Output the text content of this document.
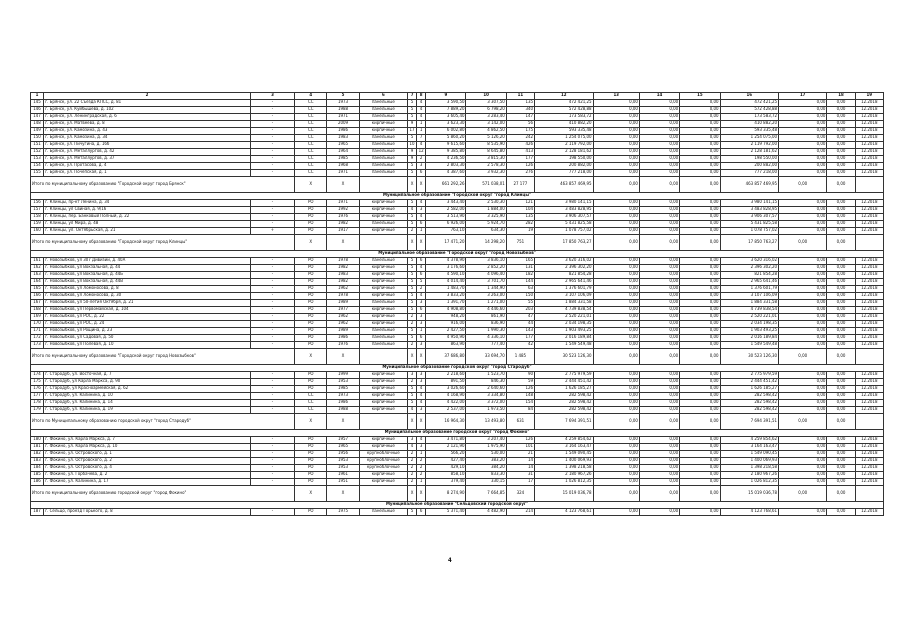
1	2	3	4	5	6	7	8	9	10	11	12	13	14	15	16	17	18	19
145	г. Брянск, ул. 22 Съезда КПСС, д. 81	-	СС	1973	панельные	5	4	3 590,50	3 307,50	135	472 421,25	0,00	0,00	0,00	472 421,25	0,00	0,00	12.2018
146	г. Брянск, ул. Куйбышева, д. 102	-	СС	1988	панельные	5	4	7 889,20	6 798,20	340	572 428,88	0,00	0,00	0,00	572 428,88	0,00	0,00	12.2018
147	г. Брянск, ул. Ленинградская, д. 6	-	СС	1971	панельные	5	4	3 605,40	3 283,40	147	173 583,72	0,00	0,00	0,00	173 583,72	0,00	0,00	12.2018
148	г. Брянск, ул. Матвеева, д. 8	-	СС	2009	кирпичные	9	1	3 623,30	3 142,00	56	410 882,20	0,00	0,00	0,00	410 882,20	0,00	0,00	12.2018
149	г. Брянск, ул. Камозина, д. 43	-	СС	1986	кирпичные	17	1	6 002,80	4 862,50	175	593 335,48	0,00	0,00	0,00	593 335,48	0,00	0,00	12.2018
150	г. Брянск, ул. Камозина, д. 34	-	СС	1983	панельные	5	7	5 860,20	5 126,20	242	1 254 075,00	0,00	0,00	0,00	1 254 075,00	0,00	0,00	12.2018
151	г. Брянск, ул. Пичугина, д. 16б	-	СС	1965	панельные	10	4	9 615,60	8 535,90	426	2 119 792,00	0,00	0,00	0,00	2 119 792,00	0,00	0,00	12.2018
152	г. Брянск, ул. Металлургов, д. 42	-	СС	1964	панельные	9	12	9 385,80	8 645,80	413	2 128 181,62	0,00	0,00	0,00	2 128 181,62	0,00	0,00	12.2018
153	г. Брянск, ул. Металлургов, д. 37	-	СС	1985	панельные	9	2	4 236,50	3 815,30	177	198 550,00	0,00	0,00	0,00	198 550,00	0,00	0,00	12.2018
154	г. Брянск, ул. Протасова, д. 4	-	СС	1968	панельные	5	3	2 803,30	2 578,30	126	200 882,00	0,00	0,00	0,00	200 882,00	0,00	0,00	12.2018
155	г. Брянск, ул. Почепская, д. 1	-	СС	1971	панельные	5	6	4 387,60	3 932,30	276	777 218,00	0,00	0,00	0,00	777 218,00	0,00	0,00	12.2018
Итого по муниципальному образованию "Городской округ город Брянск"			X	X		X	X	661 292,26	571 038,01	27 177	463 857 469,95	0,00	0,00	0,00	463 857 469,95	0,00	0,00	
Муниципальное образование "Городской округ "город Клинцы"																		
156	г. Клинцы, пр-кт Ленина, д. 34	-	РО	1971	кирпичные	5	4	3 443,40	2 530,30	121	3 980 141,15	0,00	0,00	0,00	3 980 141,15	0,00	0,00	12.2018
157	г. Клинцы, ул Свиная, д. 9/16	-	РО	1992	кирпичные	4	3	2 582,00	1 884,00	104	3 483 828,95	0,00	0,00	0,00	3 483 828,95	0,00	0,00	12.2018
158	г. Клинцы, пер. Банковый Полный, д. 22	-	РО	1976	кирпичные	5	4	3 513,90	3 325,90	135	3 906 307,57	0,00	0,00	0,00	3 906 307,57	0,00	0,00	12.2018
159	г. Клинцы, ул Мира, д. 48	-	РО	1982	панельные	5	6	6 926,00	5 924,70	282	5 431 825,58	0,00	0,00	0,00	5 431 825,58	0,00	0,00	12.2018
160	г. Клинцы, ул. Октябрьская, д. 21	+	РО	1917	кирпичные	2	1	763,10	634,30	19	1 078 757,02	0,00	0,00	0,00	1 078 757,02	0,00	0,00	12.2018
Итого по муниципальному образованию "Городской округ город Клинцы"			X	X		X	X	17 471,20	14 298,20	751	17 850 763,27	0,00	0,00	0,00	17 850 763,27	0,00	0,00	
Муниципальное образование "Городской округ "город Новозыбков"																		
161	г. Новозыбков, ул 307 Дивизии, д. 40А	-	РО	1978	панельные	5	6	4 378,90	3 836,10	165	3 620 316,02	0,00	0,00	0,00	3 620 316,02	0,00	0,00	12.2018
162	г. Новозыбков, ул Вокзальная, д. 44	-	РО	1982	кирпичные	5	4	3 176,60	2 852,20	131	2 396 302,20	0,00	0,00	0,00	2 396 302,20	0,00	0,00	12.2018
163	г. Новозыбков, ул Вокзальная, д. 44Б	-	РО	1983	кирпичные	5	6	4 590,10	4 096,40	182	821 854,28	0,00	0,00	0,00	821 854,28	0,00	0,00	12.2018
164	г. Новозыбков, ул Вокзальная, д. 44В	-	РО	1982	кирпичные	5	5	4 014,40	3 701,70	144	2 965 641,46	0,00	0,00	0,00	2 965 641,46	0,00	0,00	12.2018
165	г. Новозыбков, ул Ломоносова, д. 8	-	РО	1962	кирпичные	5	2	1 483,70	1 344,90	63	1 376 601,79	0,00	0,00	0,00	1 376 601,79	0,00	0,00	12.2018
166	г. Новозыбков, ул Ломоносова, д. 30	-	РО	1978	кирпичные	5	4	3 833,20	3 263,00	150	3 107 106,09	0,00	0,00	0,00	3 107 106,09	0,00	0,00	12.2018
167	г. Новозыбков, ул 50-летия Октября, д. 21	-	РО	1989	панельные	5	3	1 391,70	1 271,00	55	1 884 331,58	0,00	0,00	0,00	1 884 331,58	0,00	0,00	12.2018
168	г. Новозыбков, ул Первомайская, д. 104	-	РО	1977	кирпичные	5	6	4 908,80	4 446,60	203	4 739 838,54	0,00	0,00	0,00	4 739 838,54	0,00	0,00	12.2018
169	г. Новозыбков, ул РОС, д. 22	-	РО	1962	кирпичные	2	3	948,20	861,90	47	2 520 221,01	0,00	0,00	0,00	2 520 221,01	0,00	0,00	12.2018
170	г. Новозыбков, ул РОС, д. 24	-	РО	1962	кирпичные	2	3	916,00	836,90	44	2 034 198,35	0,00	0,00	0,00	2 034 198,35	0,00	0,00	12.2018
171	г. Новозыбков, ул Рощина, д. 23	-	РО	1989	панельные	5	1	2 427,50	1 990,30	143	1 903 493,25	0,00	0,00	0,00	1 903 493,25	0,00	0,00	12.2018
172	г. Новозыбков, ул Садовая, д. 50	-	РО	1986	панельные	5	6	4 950,90	4 336,10	177	2 016 189,84	0,00	0,00	0,00	2 016 189,84	0,00	0,00	12.2018
173	г. Новозыбков, ул Полевая, д. 10	-	РО	1976	панельные	2	3	863,90	777,40	42	1 549 549,48	0,00	0,00	0,00	1 549 549,48	0,00	0,00	12.2018
Итого по муниципальному образованию "Городской округ город Новозыбков"			X	X		X	X	37 686,80	33 694,70	1 485	30 523 126,30	0,00	0,00	0,00	30 523 126,30	0,00	0,00	
Муниципальное образование городской округ "город Стародуб"																		
174	г. Стародуб, ул. Восточная, д. 7	-	РО	1999	кирпичные	3	3	2 218,60	1 523,70	90	2 775 979,59	0,00	0,00	0,00	2 775 979,59	0,00	0,00	12.2018
175	г. Стародуб, ул Карла Маркса, д. 90	-	РО	1953	кирпичные	2	3	891,50	846,30	59	2 444 451,42	0,00	0,00	0,00	2 444 451,42	0,00	0,00	12.2018
176	г. Стародуб, ул Красноармейская, д. 62	-	РО	1985	кирпичные	5	4	3 026,60	2 640,60	126	1 626 185,27	0,00	0,00	0,00	1 626 185,27	0,00	0,00	12.2018
177	г. Стародуб, ул. Калинина, д. 10	-	СС	1973	кирпичные	5	4	4 168,90	3 334,80	148	282 598,42	0,00	0,00	0,00	282 598,42	0,00	0,00	12.2018
178	г. Стародуб, ул. Калинина, д. 14	-	СС	1986	кирпичные	5	4	4 422,00	3 372,00	154	282 598,42	0,00	0,00	0,00	282 598,42	0,00	0,00	12.2018
179	г. Стародуб, ул. Калинина, д. 19	-	СС	1988	кирпичные	4	3	2 537,00	1 973,50	84	282 598,42	0,00	0,00	0,00	282 598,42	0,00	0,00	12.2018
Итого по Муниципальному образованию городской округ "город Стародуб"			X	X		X	X	16 964,30	13 493,80	631	7 694 391,51	0,00	0,00	0,00	7 694 391,51	0,00	0,00	
Муниципальное образование городской округ "город Фокино"																		
180	г. Фокино, ул. Карла Маркса, д. 7	-	РО	1957	кирпичные	3	4	3 471,80	3 207,40	126	4 259 854,62	0,00	0,00	0,00	4 259 854,62	0,00	0,00	12.2018
181	г. Фокино, ул. Карла Маркса, д. 10	-	РО	1965	кирпичные	4	3	2 121,90	1 975,90	101	3 164 163,47	0,00	0,00	0,00	3 164 163,47	0,00	0,00	12.2018
182	г. Фокино, ул. Островского, д. 1	-	РО	1956	крупноблочные	2	1	566,20	530,00	21	1 549 090,45	0,00	0,00	0,00	1 549 090,45	0,00	0,00	12.2018
183	г. Фокино, ул. Островского, д. 2	-	РО	1953	крупноблочные	2	2	427,40	383,20	14	1 400 069,93	0,00	0,00	0,00	1 400 069,93	0,00	0,00	12.2018
184	г. Фокино, ул. Островского, д. 4	-	РО	1953	крупноблочные	2	2	429,10	384,20	14	1 398 218,58	0,00	0,00	0,00	1 398 218,58	0,00	0,00	12.2018
185	г. Фокино, ул. Горбачёва, д. 2	-	РО	1961	кирпичные	2	2	858,10	833,30	31	2 180 967,26	0,00	0,00	0,00	2 180 967,26	0,00	0,00	12.2018
186	г. Фокино, ул. Калинина, д. 17	-	РО	1951	кирпичные	2	1	379,40	330,15	17	1 026 812,35	0,00	0,00	0,00	1 026 812,35	0,00	0,00	12.2018
Итого по муниципальному образованию городской округ "город Фокино"			X	X		X	X	8 274,90	7 664,85	324	15 019 036,78	0,00	0,00	0,00	15 019 036,78	0,00	0,00	
Муниципальное образование "Сельцовский городской округ"																		
187	г. Сельцо, проезд Горького, д. 8	-	РО	1975	панельные	5	6	5 371,40	4 482,90	214	4 123 768,61	0,00	0,00	0,00	4 123 768,61	0,00	0,00	12.2018
4
